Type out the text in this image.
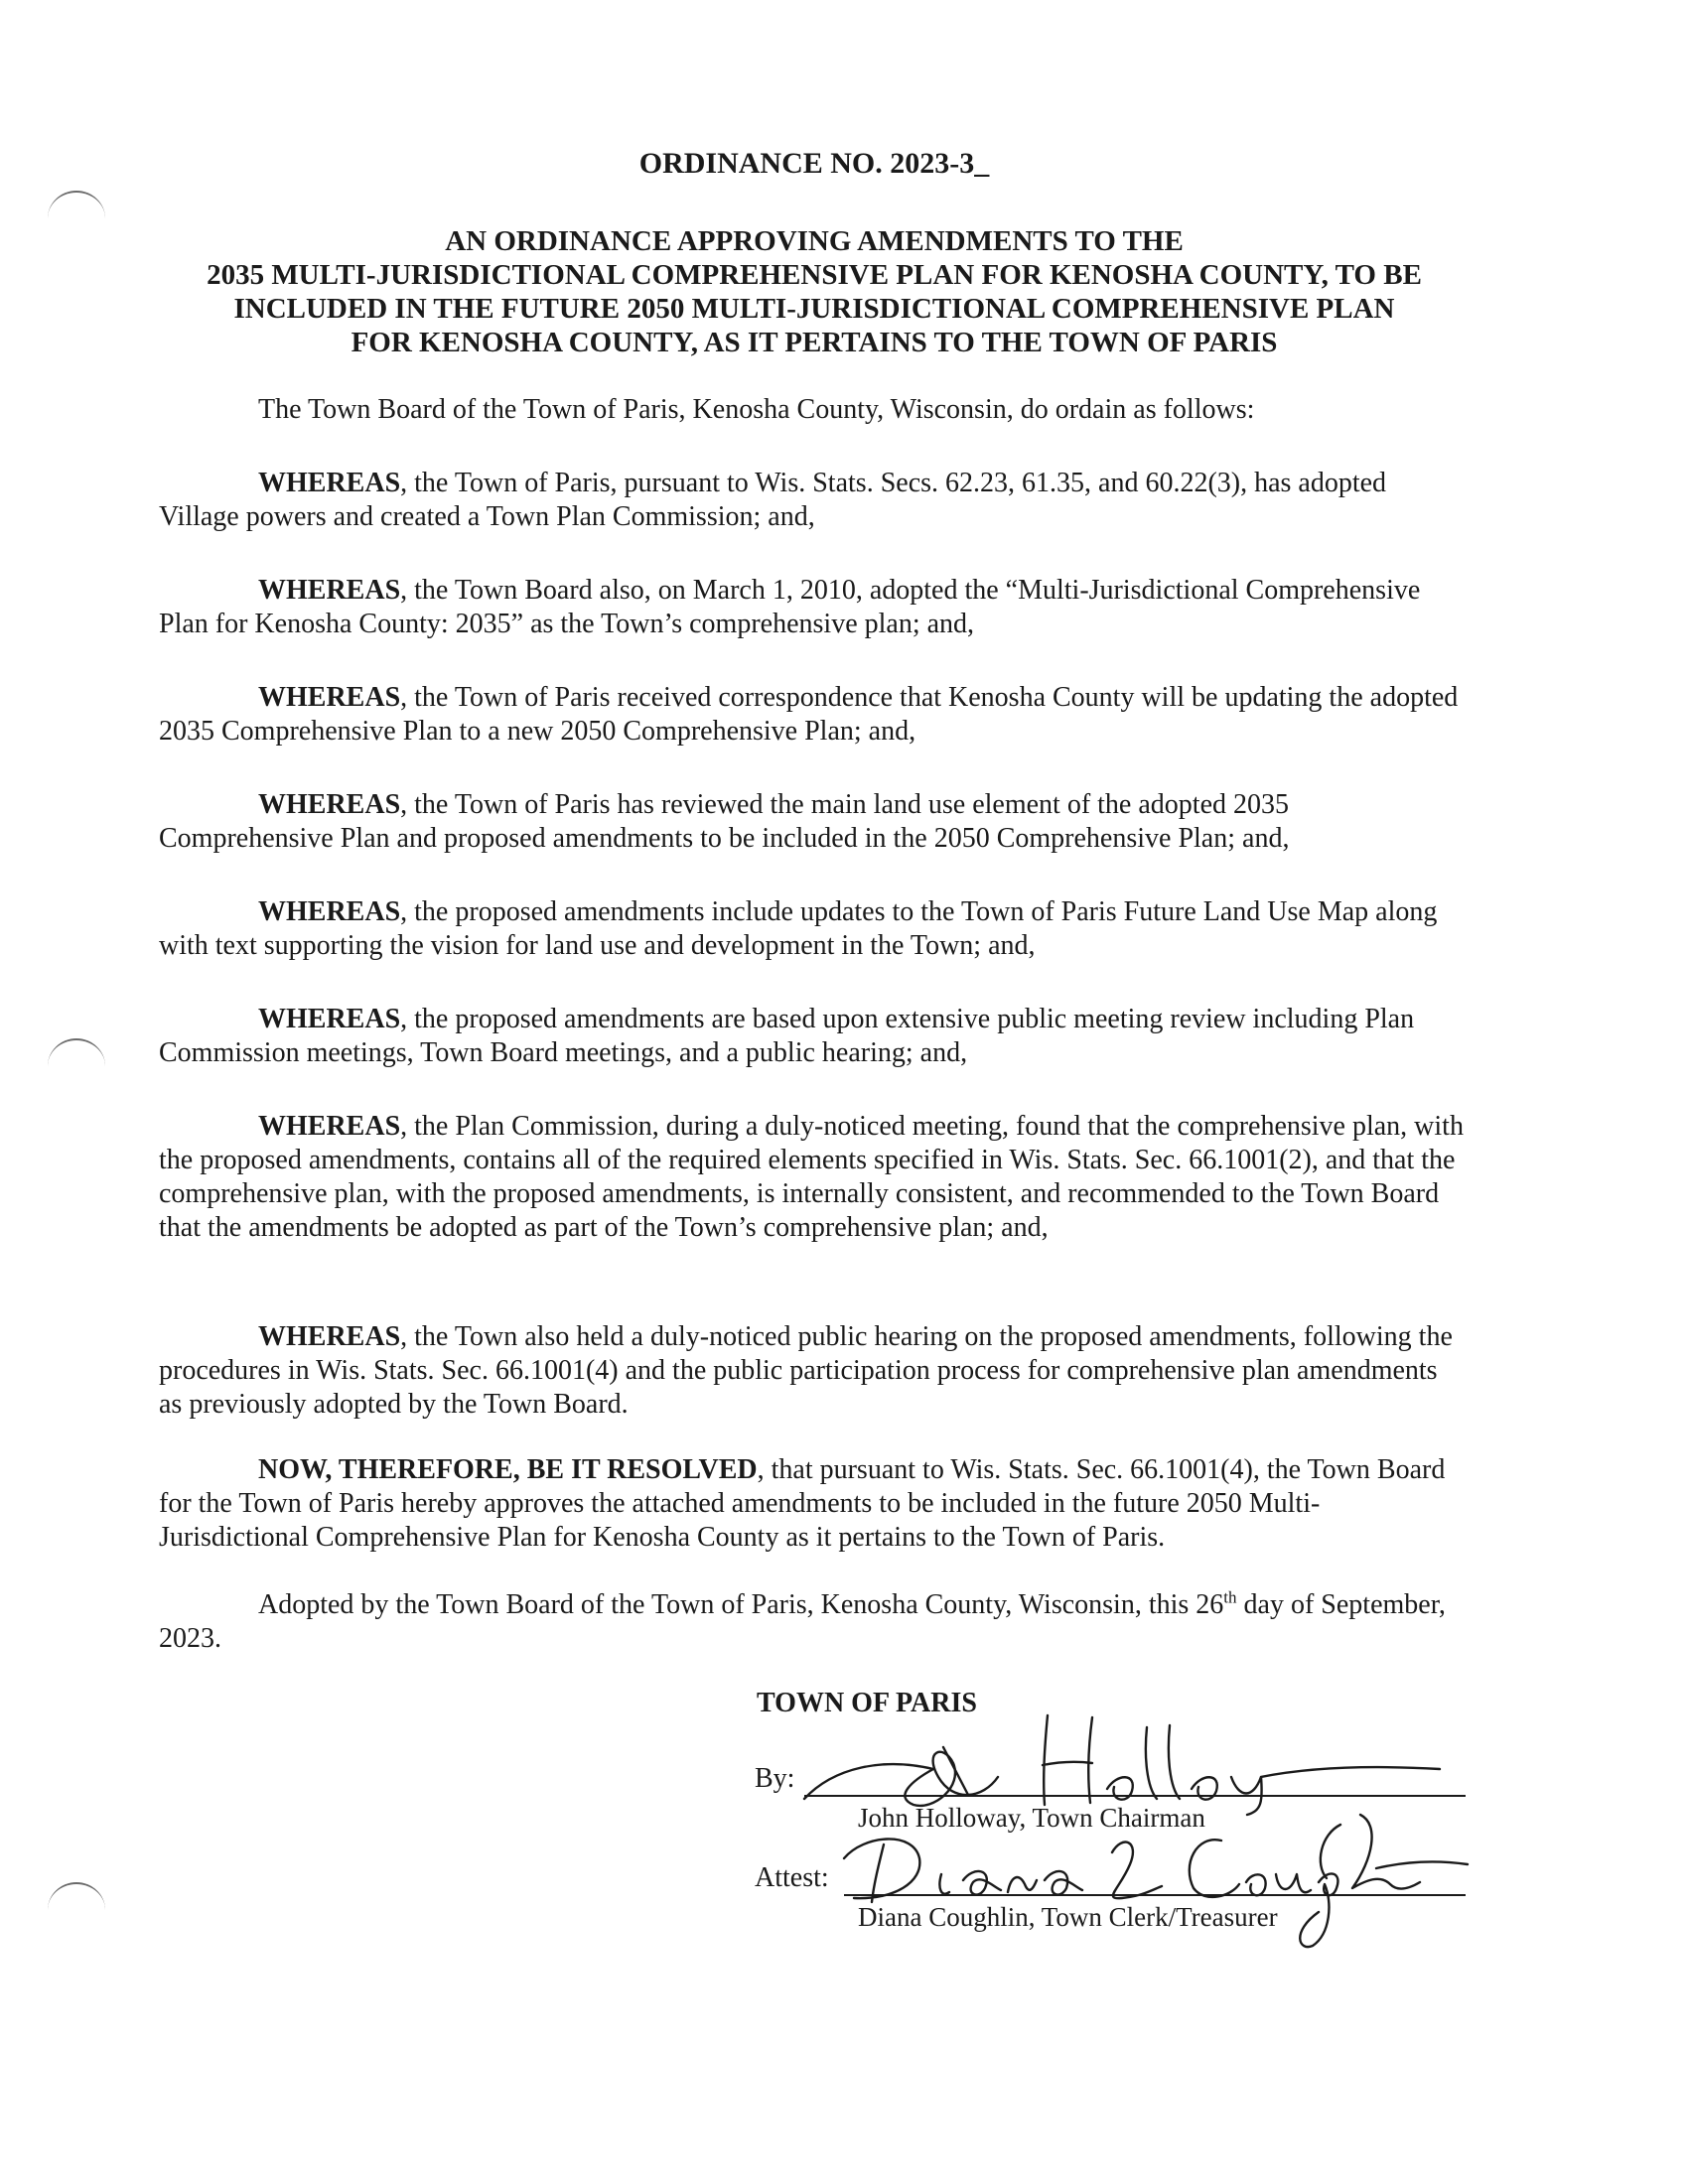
ORDINANCE NO. 2023-3_
AN ORDINANCE APPROVING AMENDMENTS TO THE
2035 MULTI-JURISDICTIONAL COMPREHENSIVE PLAN FOR KENOSHA COUNTY, TO BE
INCLUDED IN THE FUTURE 2050 MULTI-JURISDICTIONAL COMPREHENSIVE PLAN
FOR KENOSHA COUNTY, AS IT PERTAINS TO THE TOWN OF PARIS

The Town Board of the Town of Paris, Kenosha County, Wisconsin, do ordain as follows:

WHEREAS, the Town of Paris, pursuant to Wis. Stats. Secs. 62.23, 61.35, and 60.22(3), has adopted Village powers and created a Town Plan Commission; and,

WHEREAS, the Town Board also, on March 1, 2010, adopted the “Multi-Jurisdictional Comprehensive Plan for Kenosha County: 2035” as the Town’s comprehensive plan; and,

WHEREAS, the Town of Paris received correspondence that Kenosha County will be updating the adopted 2035 Comprehensive Plan to a new 2050 Comprehensive Plan; and,

WHEREAS, the Town of Paris has reviewed the main land use element of the adopted 2035 Comprehensive Plan and proposed amendments to be included in the 2050 Comprehensive Plan; and,

WHEREAS, the proposed amendments include updates to the Town of Paris Future Land Use Map along with text supporting the vision for land use and development in the Town; and,

WHEREAS, the proposed amendments are based upon extensive public meeting review including Plan Commission meetings, Town Board meetings, and a public hearing; and,

WHEREAS, the Plan Commission, during a duly-noticed meeting, found that the comprehensive plan, with the proposed amendments, contains all of the required elements specified in Wis. Stats. Sec. 66.1001(2), and that the comprehensive plan, with the proposed amendments, is internally consistent, and recommended to the Town Board that the amendments be adopted as part of the Town’s comprehensive plan; and,

WHEREAS, the Town also held a duly-noticed public hearing on the proposed amendments, following the procedures in Wis. Stats. Sec. 66.1001(4) and the public participation process for comprehensive plan amendments as previously adopted by the Town Board.

NOW, THEREFORE, BE IT RESOLVED, that pursuant to Wis. Stats. Sec. 66.1001(4), the Town Board for the Town of Paris hereby approves the attached amendments to be included in the future 2050 Multi-Jurisdictional Comprehensive Plan for Kenosha County as it pertains to the Town of Paris.

Adopted by the Town Board of the Town of Paris, Kenosha County, Wisconsin, this 26th day of September, 2023.

TOWN OF PARIS
By:
John Holloway, Town Chairman
Attest:
Diana Coughlin, Town Clerk/Treasurer
